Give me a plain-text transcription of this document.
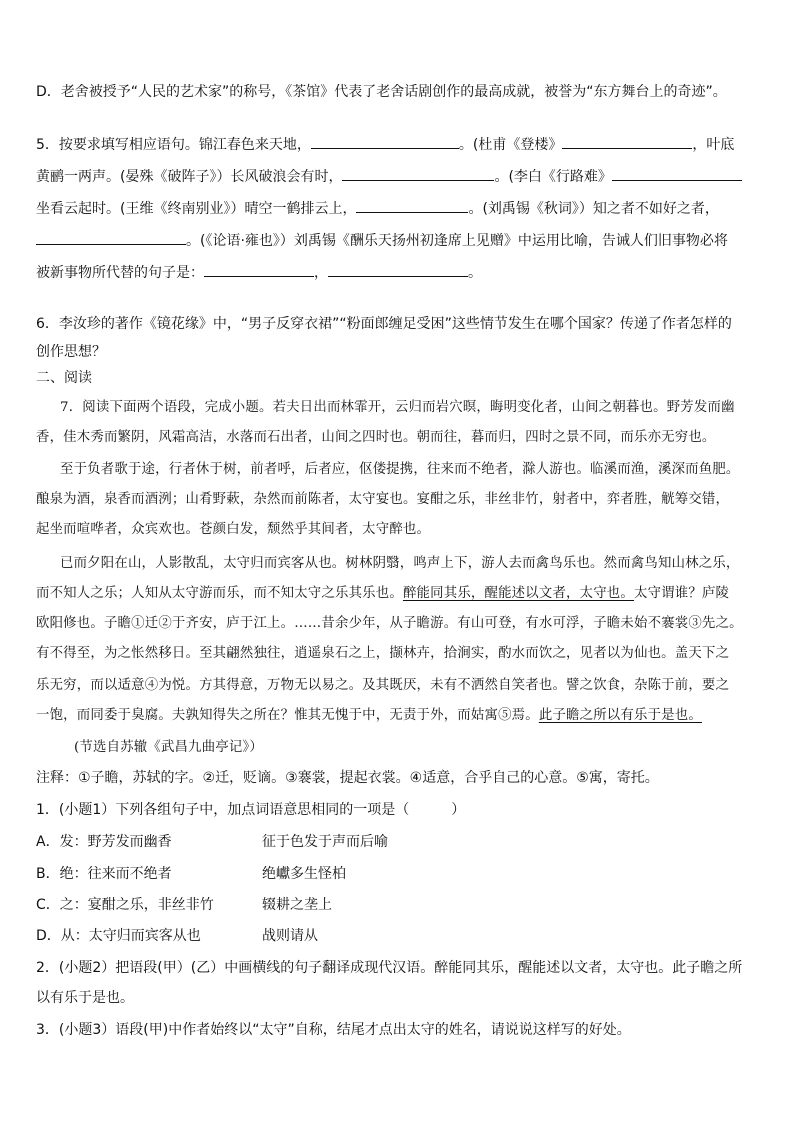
D．老舍被授予“人民的艺术家”的称号，《茶馆》代表了老舍话剧创作的最高成就，被誉为“东方舞台上的奇迹”。
5．按要求填写相应语句。锦江春色来天地，	。(杜甫《登楼》	，叶底
黄鹂一两声。(晏殊《破阵子》）长风破浪会有时，	。(李白《行路难》
坐看云起时。(王维《终南别业》）晴空一鹤排云上，	。(刘禹锡《秋词》）知之者不如好之者，
。(《论语·雍也》）刘禹锡《酬乐天扬州初逢席上见赠》中运用比喻，告诫人们旧事物必将
被新事物所代替的句子是：	，	。
6．李汝珍的著作《镜花缘》中，“男子反穿衣裙”“粉面郎缠足受困”这些情节发生在哪个国家？传递了作者怎样的
创作思想？
二、阅读
7．阅读下面两个语段，完成小题。若夫日出而林霏开，云归而岩穴暝，晦明变化者，山间之朝暮也。野芳发而幽
香，佳木秀而繁阴，风霜高洁，水落而石出者，山间之四时也。朝而往，暮而归，四时之景不同，而乐亦无穷也。
至于负者歌于途，行者休于树，前者呼，后者应，伛偻提携，往来而不绝者，滁人游也。临溪而渔，溪深而鱼肥。
酿泉为酒，泉香而酒洌；山肴野蔌，杂然而前陈者，太守宴也。宴酣之乐，非丝非竹，射者中，弈者胜，觥筹交错，
起坐而喧哗者，众宾欢也。苍颜白发，颓然乎其间者，太守醉也。
已而夕阳在山，人影散乱，太守归而宾客从也。树林阴翳，鸣声上下，游人去而禽鸟乐也。然而禽鸟知山林之乐，
而不知人之乐；人知从太守游而乐，而不知太守之乐其乐也。醉能同其乐，醒能述以文者，太守也。太守谓谁？庐陵
欧阳修也。子瞻①迁②于齐安，庐于江上。……昔余少年，从子瞻游。有山可登，有水可浮，子瞻未始不褰裳③先之。
有不得至，为之怅然移日。至其翩然独往，逍遥泉石之上，撷林卉，拾涧实，酌水而饮之，见者以为仙也。盖天下之
乐无穷，而以适意④为悦。方其得意，万物无以易之。及其既厌，未有不洒然自笑者也。譬之饮食，杂陈于前，要之
一饱，而同委于臭腐。夫孰知得失之所在？惟其无愧于中，无责于外，而姑寓⑤焉。此子瞻之所以有乐于是也。
(节选自苏辙《武昌九曲亭记》）
注释：①子瞻，苏轼的字。②迁，贬谪。③褰裳，提起衣裳。④适意，合乎自己的心意。⑤寓，寄托。
1．(小题1）下列各组句子中，加点词语意思相同的一项是（　　　）
A．发：野芳发而幽香	征于色发于声而后喻
B．绝：往来而不绝者	绝巘多生怪柏
C．之：宴酣之乐，非丝非竹	辍耕之垄上
D．从：太守归而宾客从也	战则请从
2．(小题2）把语段(甲）(乙）中画横线的句子翻译成现代汉语。醉能同其乐，醒能述以文者，太守也。此子瞻之所
以有乐于是也。
3．(小题3）语段(甲)中作者始终以“太守”自称，结尾才点出太守的姓名，请说说这样写的好处。
